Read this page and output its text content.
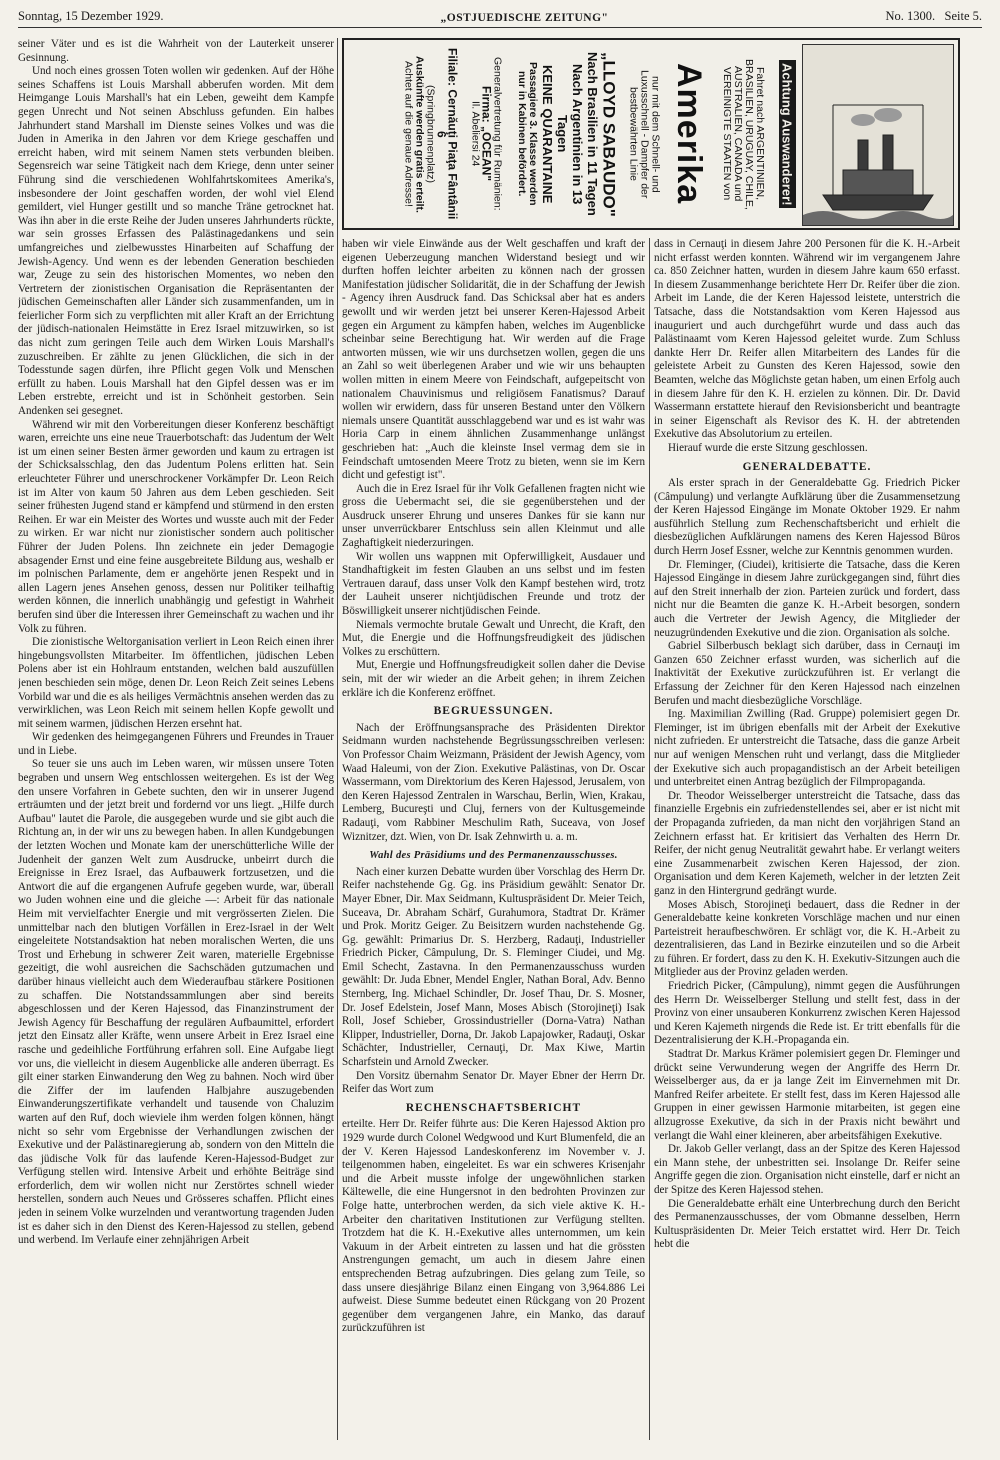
Sonntag, 15 Dezember 1929.	„OSTJUEDISCHE ZEITUNG"	No. 1300. Seite 5.

seiner Väter und es ist die Wahrheit von der Lauterkeit unserer Gesinnung.

Und noch eines grossen Toten wollen wir gedenken. Auf der Höhe seines Schaffens ist Louis Marshall abberufen worden. Mit dem Heimgange Louis Marshall's hat ein Leben, geweiht dem Kampfe gegen Unrecht und Not seinen Abschluss gefunden. Ein halbes Jahrhundert stand Marshall im Dienste seines Volkes und was die Juden in Amerika in den Jahren vor dem Kriege geschaffen und erreicht haben, wird mit seinem Namen stets verbunden bleiben. Segensreich war seine Tätigkeit nach dem Kriege, denn unter seiner Führung sind die verschiedenen Wohlfahrtskomitees Amerika's, insbesondere der Joint geschaffen worden, der wohl viel Elend gemildert, viel Hunger gestillt und so manche Träne getrocknet hat. Was ihn aber in die erste Reihe der Juden unseres Jahrhunderts rückte, war sein grosses Erfassen des Palästinagedankens und sein umfangreiches und zielbewusstes Hinarbeiten auf Schaffung der Jewish-Agency. Und wenn es der lebenden Generation beschieden war, Zeuge zu sein des historischen Momentes, wo neben den Vertretern der zionistischen Organisation die Repräsentanten der jüdischen Gemeinschaften aller Länder sich zusammenfanden, um in feierlicher Form sich zu verpflichten mit aller Kraft an der Errichtung der jüdisch-nationalen Heimstätte in Erez Israel mitzuwirken, so ist das nicht zum geringen Teile auch dem Wirken Louis Marshall's zuzuschreiben. Er zählte zu jenen Glücklichen, die sich in der Todesstunde sagen dürfen, ihre Pflicht gegen Volk und Menschen erfüllt zu haben. Louis Marshall hat den Gipfel dessen was er im Leben erstrebte, erreicht und ist in Schönheit gestorben. Sein Andenken sei gesegnet.

Während wir mit den Vorbereitungen dieser Konferenz beschäftigt waren, erreichte uns eine neue Trauerbotschaft: das Judentum der Welt ist um einen seiner Besten ärmer geworden und kaum zu ertragen ist der Schicksalsschlag, den das Judentum Polens erlitten hat. Sein erleuchteter Führer und unerschrockener Vorkämpfer Dr. Leon Reich ist im Alter von kaum 50 Jahren aus dem Leben geschieden. Seit seiner frühesten Jugend stand er kämpfend und stürmend in den ersten Reihen. Er war ein Meister des Wortes und wusste auch mit der Feder zu wirken. Er war nicht nur zionistischer sondern auch politischer Führer der Juden Polens. Ihn zeichnete ein jeder Demagogie absagender Ernst und eine feine ausgebreitete Bildung aus, weshalb er im polnischen Parlamente, dem er angehörte jenen Respekt und in allen Lagern jenes Ansehen genoss, dessen nur Politiker teilhaftig werden können, die innerlich unabhängig und gefestigt in Wahrheit berufen sind über die Interessen ihrer Gemeinschaft zu wachen und ihr Volk zu führen.

Die zionistische Weltorganisation verliert in Leon Reich einen ihrer hingebungsvollsten Mitarbeiter. Im öffentlichen, jüdischen Leben Polens aber ist ein Hohlraum entstanden, welchen bald auszufüllen jenen beschieden sein möge, denen Dr. Leon Reich Zeit seines Lebens Vorbild war und die es als heiliges Vermächtnis ansehen werden das zu verwirklichen, was Leon Reich mit seinem hellen Kopfe gewollt und mit seinem warmen, jüdischen Herzen ersehnt hat.

Wir gedenken des heimgegangenen Führers und Freundes in Trauer und in Liebe.

So teuer sie uns auch im Leben waren, wir müssen unsere Toten begraben und unsern Weg entschlossen weitergehen. Es ist der Weg den unsere Vorfahren in Gebete suchten, den wir in unserer Jugend erträumten und der jetzt breit und fordernd vor uns liegt. „Hilfe durch Aufbau" lautet die Parole, die ausgegeben wurde und sie gibt auch die Richtung an, in der wir uns zu bewegen haben. In allen Kundgebungen der letzten Wochen und Monate kam der unerschütterliche Wille der Judenheit der ganzen Welt zum Ausdrucke, unbeirrt durch die Ereignisse in Erez Israel, das Aufbauwerk fortzusetzen, und die Antwort die auf die ergangenen Aufrufe gegeben wurde, war, überall wo Juden wohnen eine und die gleiche —: Arbeit für das nationale Heim mit vervielfachter Energie und mit vergrösserten Zielen. Die unmittelbar nach den blutigen Vorfällen in Erez-Israel in der Welt eingeleitete Notstandsaktion hat neben moralischen Werten, die uns Trost und Erhebung in schwerer Zeit waren, materielle Ergebnisse gezeitigt, die wohl ausreichen die Sachschäden gutzumachen und darüber hinaus vielleicht auch dem Wiederaufbau stärkere Positionen zu schaffen. Die Notstandssammlungen aber sind bereits abgeschlossen und der Keren Hajessod, das Finanzinstrument der Jewish Agency für Beschaffung der regulären Aufbaumittel, erfordert jetzt den Einsatz aller Kräfte, wenn unsere Arbeit in Erez Israel eine rasche und gedeihliche Fortführung erfahren soll. Eine Aufgabe liegt vor uns, die vielleicht in diesem Augenblicke alle anderen überragt. Es gilt einer starken Einwanderung den Weg zu bahnen. Noch wird über die Ziffer der im laufenden Halbjahre auszugebenden Einwanderungszertifikate verhandelt und tausende von Chaluzim warten auf den Ruf, doch wieviele ihm werden folgen können, hängt nicht so sehr vom Ergebnisse der Verhandlungen zwischen der Exekutive und der Palästinaregierung ab, sondern von den Mitteln die das jüdische Volk für das laufende Keren-Hajessod-Budget zur Verfügung stellen wird. Intensive Arbeit und erhöhte Beiträge sind erforderlich, dem wir wollen nicht nur Zerstörtes schnell wieder herstellen, sondern auch Neues und Grösseres schaffen. Pflicht eines jeden in seinem Volke wurzelnden und verantwortung tragenden Juden ist es daher sich in den Dienst des Keren-Hajessod zu stellen, gebend und werbend. Im Verlaufe einer zehnjährigen Arbeit

Achtung Auswanderer!
Fahret nach ARGENTINIEN,
BRASILIEN, URUGUAY, CHILE,
AUSTRALIEN, CANADA und
VEREINIGTE STAATEN von
Amerika
nur mit dem Schnell- und
Luxusschnell - Dampfer der
bestbewährten Linie
„LLOYD SABAUDO"
Nach Brasilien in 11 Tagen
Nach Argentinien in 13 Tagen
KEINE QUARANTAINE
Passagiere 3. Klasse werden
nur in Kabinen befördert.
Generalvertretung für Rumänien:
Firma: „OCEAN"
Il. Abeliersi 24
Filiale: Cernăuţi Piaţa Fântânii 6
(Springbrunnenplatz)
Auskünfte werden gratis erteilt.
Achtet auf die genaue Adresse!

haben wir viele Einwände aus der Welt geschaffen und kraft der eigenen Ueberzeugung manchen Widerstand besiegt und wir durften hoffen leichter arbeiten zu können nach der grossen Manifestation jüdischer Solidarität, die in der Schaffung der Jewish - Agency ihren Ausdruck fand. Das Schicksal aber hat es anders gewollt und wir werden jetzt bei unserer Keren-Hajessod Arbeit gegen ein Argument zu kämpfen haben, welches im Augenblicke scheinbar seine Berechtigung hat. Wir werden auf die Frage antworten müssen, wie wir uns durchsetzen wollen, gegen die uns an Zahl so weit überlegenen Araber und wie wir uns behaupten wollen mitten in einem Meere von Feindschaft, aufgepeitscht von nationalem Chauvinismus und religiösem Fanatismus? Darauf wollen wir erwidern, dass für unseren Bestand unter den Völkern niemals unsere Quantität ausschlaggebend war und es ist wahr was Horia Carp in einem ähnlichen Zusammenhange unlängst geschrieben hat: „Auch die kleinste Insel vermag dem sie in Feindschaft umtosenden Meere Trotz zu bieten, wenn sie im Kern dicht und gefestigt ist".

Auch die in Erez Israel für ihr Volk Gefallenen fragten nicht wie gross die Uebermacht sei, die sie gegenüberstehen und der Ausdruck unserer Ehrung und unseres Dankes für sie kann nur unser unverrückbarer Entschluss sein allen Kleinmut und alle Zaghaftigkeit niederzuringen.

Wir wollen uns wappnen mit Opferwilligkeit, Ausdauer und Standhaftigkeit im festen Glauben an uns selbst und im festen Vertrauen darauf, dass unser Volk den Kampf bestehen wird, trotz der Lauheit unserer nichtjüdischen Freunde und trotz der Böswilligkeit unserer nichtjüdischen Feinde.

Niemals vermochte brutale Gewalt und Unrecht, die Kraft, den Mut, die Energie und die Hoffnungsfreudigkeit des jüdischen Volkes zu erschüttern.

Mut, Energie und Hoffnungsfreudigkeit sollen daher die Devise sein, mit der wir wieder an die Arbeit gehen; in ihrem Zeichen erkläre ich die Konferenz eröffnet.

BEGRUESSUNGEN.

Nach der Eröffnungsansprache des Präsidenten Direktor Seidmann wurden nachstehende Begrüssungsschreiben verlesen: Von Professor Chaim Weizmann, Präsident der Jewish Agency, vom Waad Haleumi, von der Zion. Exekutive Palästinas, von Dr. Oscar Wassermann, vom Direktorium des Keren Hajessod, Jerusalem, von den Keren Hajessod Zentralen in Warschau, Berlin, Wien, Krakau, Lemberg, Bucureşti und Cluj, ferners von der Kultusgemeinde Radauţi, vom Rabbiner Meschulim Rath, Suceava, von Josef Wiznitzer, dzt. Wien, von Dr. Isak Zehnwirth u. a. m.

Wahl des Präsidiums und des Permanenzausschusses.

Nach einer kurzen Debatte wurden über Vorschlag des Herrn Dr. Reifer nachstehende Gg. Gg. ins Präsidium gewählt: Senator Dr. Mayer Ebner, Dir. Max Seidmann, Kultuspräsident Dr. Meier Teich, Suceava, Dr. Abraham Schärf, Gurahumora, Stadtrat Dr. Krämer und Prok. Moritz Geiger. Zu Beisitzern wurden nachstehende Gg. Gg. gewählt: Primarius Dr. S. Herzberg, Radauţi, Industrieller Friedrich Picker, Câmpulung, Dr. S. Fleminger Ciudei, und Mg. Emil Schecht, Zastavna. In den Permanenzausschuss wurden gewählt: Dr. Juda Ebner, Mendel Engler, Nathan Boral, Adv. Benno Sternberg, Ing. Michael Schindler, Dr. Josef Thau, Dr. S. Mosner, Dr. Josef Edelstein, Josef Mann, Moses Abisch (Storojineţi) Isak Roll, Josef Schieber, Grossindustrieller (Dorna-Vatra) Nathan Klipper, Industrieller, Dorna, Dr. Jakob Lapajowker, Radauţi, Oskar Schächter, Industrieller, Cernauţi, Dr. Max Kiwe, Martin Scharfstein und Arnold Zwecker.

Den Vorsitz übernahm Senator Dr. Mayer Ebner der Herrn Dr. Reifer das Wort zum

RECHENSCHAFTSBERICHT

erteilte. Herr Dr. Reifer führte aus: Die Keren Hajessod Aktion pro 1929 wurde durch Colonel Wedgwood und Kurt Blumenfeld, die an der V. Keren Hajessod Landeskonferenz im November v. J. teilgenommen haben, eingeleitet. Es war ein schweres Krisenjahr und die Arbeit musste infolge der ungewöhnlichen starken Kältewelle, die eine Hungersnot in den bedrohten Provinzen zur Folge hatte, unterbrochen werden, da sich viele aktive K. H.-Arbeiter den charitativen Institutionen zur Verfügung stellten. Trotzdem hat die K. H.-Exekutive alles unternommen, um kein Vakuum in der Arbeit eintreten zu lassen und hat die grössten Anstrengungen gemacht, um auch in diesem Jahre einen entsprechenden Betrag aufzubringen. Dies gelang zum Teile, so dass unsere diesjährige Bilanz einen Eingang von 3,964.886 Lei aufweist. Diese Summe bedeutet einen Rückgang von 20 Prozent gegenüber dem vergangenen Jahre, ein Manko, das darauf zurückzuführen ist

dass in Cernauţi in diesem Jahre 200 Personen für die K. H.-Arbeit nicht erfasst werden konnten. Während wir im vergangenem Jahre ca. 850 Zeichner hatten, wurden in diesem Jahre kaum 650 erfasst. In diesem Zusammenhange berichtete Herr Dr. Reifer über die zion. Arbeit im Lande, die der Keren Hajessod leistete, unterstrich die Tatsache, dass die Notstandsaktion vom Keren Hajessod aus inauguriert und auch durchgeführt wurde und dass auch das Palästinaamt vom Keren Hajessod geleitet wurde. Zum Schluss dankte Herr Dr. Reifer allen Mitarbeitern des Landes für die geleistete Arbeit zu Gunsten des Keren Hajessod, sowie den Beamten, welche das Möglichste getan haben, um einen Erfolg auch in diesem Jahre für den K. H. erzielen zu können. Dir. Dr. David Wassermann erstattete hierauf den Revisionsbericht und beantragte in seiner Eigenschaft als Revisor des K. H. der abtretenden Exekutive das Absolutorium zu erteilen.

Hierauf wurde die erste Sitzung geschlossen.

GENERALDEBATTE.

Als erster sprach in der Generaldebatte Gg. Friedrich Picker (Câmpulung) und verlangte Aufklärung über die Zusammensetzung der Keren Hajessod Eingänge im Monate Oktober 1929. Er nahm ausführlich Stellung zum Rechenschaftsbericht und erhielt die diesbezüglichen Aufklärungen namens des Keren Hajessod Büros durch Herrn Josef Essner, welche zur Kenntnis genommen wurden.

Dr. Fleminger, (Ciudei), kritisierte die Tatsache, dass die Keren Hajessod Eingänge in diesem Jahre zurückgegangen sind, führt dies auf den Streit innerhalb der zion. Parteien zurück und fordert, dass nicht nur die Beamten die ganze K. H.-Arbeit besorgen, sondern auch die Vertreter der Jewish Agency, die Mitglieder der neuzugründenden Exekutive und die zion. Organisation als solche.

Gabriel Silberbusch beklagt sich darüber, dass in Cernauţi im Ganzen 650 Zeichner erfasst wurden, was sicherlich auf die Inaktivität der Exekutive zurückzuführen ist. Er verlangt die Erfassung der Zeichner für den Keren Hajessod nach einzelnen Berufen und macht diesbezügliche Vorschläge.

Ing. Maximilian Zwilling (Rad. Gruppe) polemisiert gegen Dr. Fleminger, ist im übrigen ebenfalls mit der Arbeit der Exekutive nicht zufrieden. Er unterstreicht die Tatsache, dass die ganze Arbeit nur auf wenigen Menschen ruht und verlangt, dass die Mitglieder der Exekutive sich auch propagandistisch an der Arbeit beteiligen und unterbreitet einen Antrag bezüglich der Filmpropaganda.

Dr. Theodor Weisselberger unterstreicht die Tatsache, dass das finanzielle Ergebnis ein zufriedenstellendes sei, aber er ist nicht mit der Propaganda zufrieden, da man nicht den vorjährigen Stand an Zeichnern erfasst hat. Er kritisiert das Verhalten des Herrn Dr. Reifer, der nicht genug Neutralität gewahrt habe. Er verlangt weiters eine Zusammenarbeit zwischen Keren Hajessod, der zion. Organisation und dem Keren Kajemeth, welcher in der letzten Zeit ganz in den Hintergrund gedrängt wurde.

Moses Abisch, Storojineţi bedauert, dass die Redner in der Generaldebatte keine konkreten Vorschläge machen und nur einen Parteistreit heraufbeschwören. Er schlägt vor, die K. H.-Arbeit zu dezentralisieren, das Land in Bezirke einzuteilen und so die Arbeit zu führen. Er fordert, dass zu den K. H. Exekutiv-Sitzungen auch die Mitglieder aus der Provinz geladen werden.

Friedrich Picker, (Câmpulung), nimmt gegen die Ausführungen des Herrn Dr. Weisselberger Stellung und stellt fest, dass in der Provinz von einer unsauberen Konkurrenz zwischen Keren Hajessod und Keren Kajemeth nirgends die Rede ist. Er tritt ebenfalls für die Dezentralisierung der K.H.-Propaganda ein.

Stadtrat Dr. Markus Krämer polemisiert gegen Dr. Fleminger und drückt seine Verwunderung wegen der Angriffe des Herrn Dr. Weisselberger aus, da er ja lange Zeit im Einvernehmen mit Dr. Manfred Reifer arbeitete. Er stellt fest, dass im Keren Hajessod alle Gruppen in einer gewissen Harmonie mitarbeiten, ist gegen eine allzugrosse Exekutive, da sich in der Praxis nicht bewährt und verlangt die Wahl einer kleineren, aber arbeitsfähigen Exekutive.

Dr. Jakob Geller verlangt, dass an der Spitze des Keren Hajessod ein Mann stehe, der unbestritten sei. Insolange Dr. Reifer seine Angriffe gegen die zion. Organisation nicht einstelle, darf er nicht an der Spitze des Keren Hajessod stehen.

Die Generaldebatte erhält eine Unterbrechung durch den Bericht des Permanenzausschusses, der vom Obmanne desselben, Herrn Kultuspräsidenten Dr. Meier Teich erstattet wird. Herr Dr. Teich hebt die
